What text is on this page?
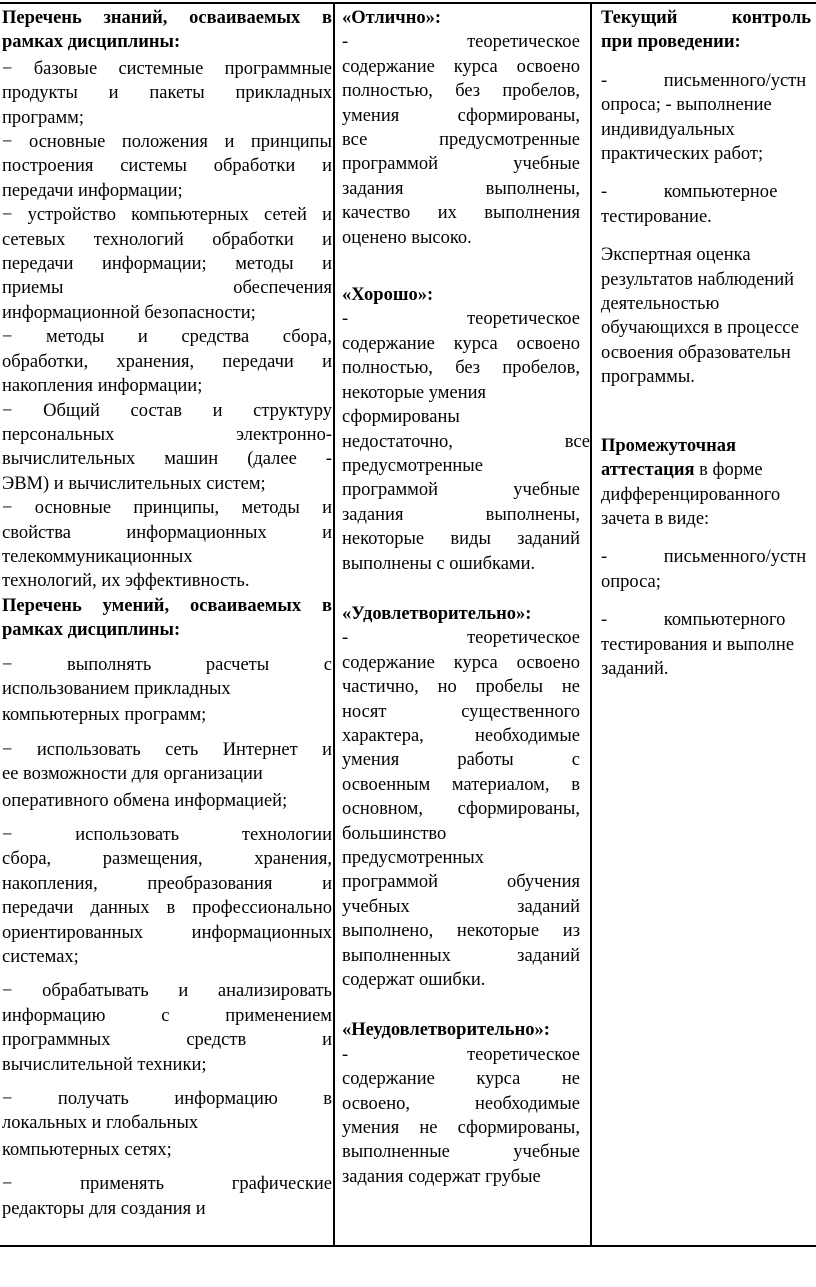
Перечень знаний, осваиваемых в
рамках дисциплины:
− базовые системные программные
продукты и пакеты прикладных
программ;
− основные положения и принципы
построения системы обработки и
передачи информации;
− устройство компьютерных сетей и
сетевых технологий обработки и
передачи информации; методы и
приемы обеспечения
информационной безопасности;
− методы и средства сбора,
обработки, хранения, передачи и
накопления информации;
− Общий состав и структуру
персональных электронно-
вычислительных машин (далее -
ЭВМ) и вычислительных систем;
− основные принципы, методы и
свойства информационных и
телекоммуникационных
технологий, их эффективность.
Перечень умений, осваиваемых в
рамках дисциплины:
− выполнять расчеты с
использованием прикладных
компьютерных программ;
− использовать сеть Интернет и
ее возможности для организации
оперативного обмена информацией;
− использовать технологии
сбора, размещения, хранения,
накопления, преобразования и
передачи данных в профессионально
ориентированных информационных
системах;
− обрабатывать и анализировать
информацию с применением
программных средств и
вычислительной техники;
− получать информацию в
локальных и глобальных
компьютерных сетях;
− применять графические
редакторы для создания и
«Отлично»:
- теоретическое
содержание курса освоено
полностью, без пробелов,
умения сформированы,
все предусмотренные
программой учебные
задания выполнены,
качество их выполнения
оценено высоко.
«Хорошо»:
- теоретическое
содержание курса освоено
полностью, без пробелов,
некоторые умения
сформированы
недостаточно, все
предусмотренные
программой учебные
задания выполнены,
некоторые виды заданий
выполнены с ошибками.
«Удовлетворительно»:
- теоретическое
содержание курса освоено
частично, но пробелы не
носят существенного
характера, необходимые
умения работы с
освоенным материалом, в
основном, сформированы,
большинство
предусмотренных
программой обучения
учебных заданий
выполнено, некоторые из
выполненных заданий
содержат ошибки.
«Неудовлетворительно»:
- теоретическое
содержание курса не
освоено, необходимые
умения не сформированы,
выполненные учебные
задания содержат грубые
Текущий контроль
при проведении:
- письменного/устн
опроса; - выполнение
индивидуальных
практических работ;
- компьютерное
тестирование.
Экспертная оценка
результатов наблюдений
деятельностью
обучающихся в процессе
освоения образовательн
программы.
Промежуточная
аттестация в форме
дифференцированного
зачета в виде:
- письменного/устн
опроса;
- компьютерного
тестирования и выполне
заданий.
